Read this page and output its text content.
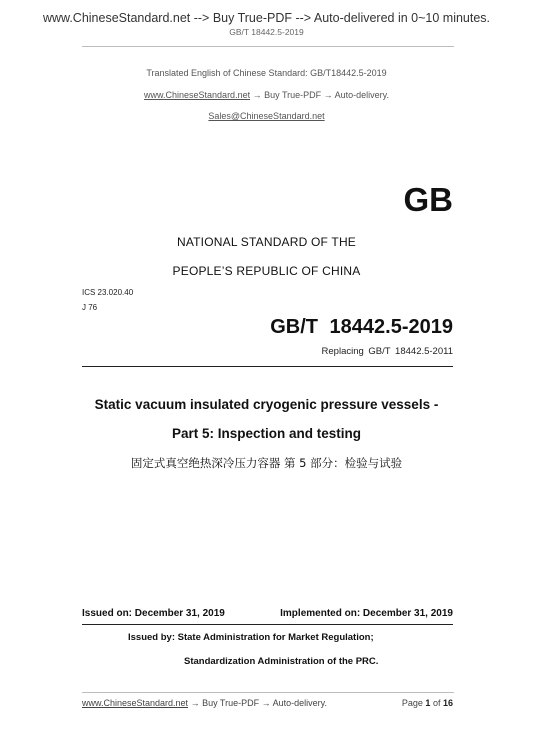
www.ChineseStandard.net --> Buy True-PDF --> Auto-delivered in 0~10 minutes.
GB/T 18442.5-2019
Translated English of Chinese Standard: GB/T18442.5-2019
www.ChineseStandard.net → Buy True-PDF → Auto-delivery.
Sales@ChineseStandard.net
GB
NATIONAL STANDARD OF THE
PEOPLE’S REPUBLIC OF CHINA
ICS 23.020.40
J 76
GB/T 18442.5-2019
Replacing GB/T 18442.5-2011
Static vacuum insulated cryogenic pressure vessels -
Part 5: Inspection and testing
固定式真空绝热深冷压力容器 第 5 部分：检验与试验
Issued on: December 31, 2019	Implemented on: December 31, 2019
Issued by: State Administration for Market Regulation;
Standardization Administration of the PRC.
www.ChineseStandard.net → Buy True-PDF → Auto-delivery.	Page 1 of 16
